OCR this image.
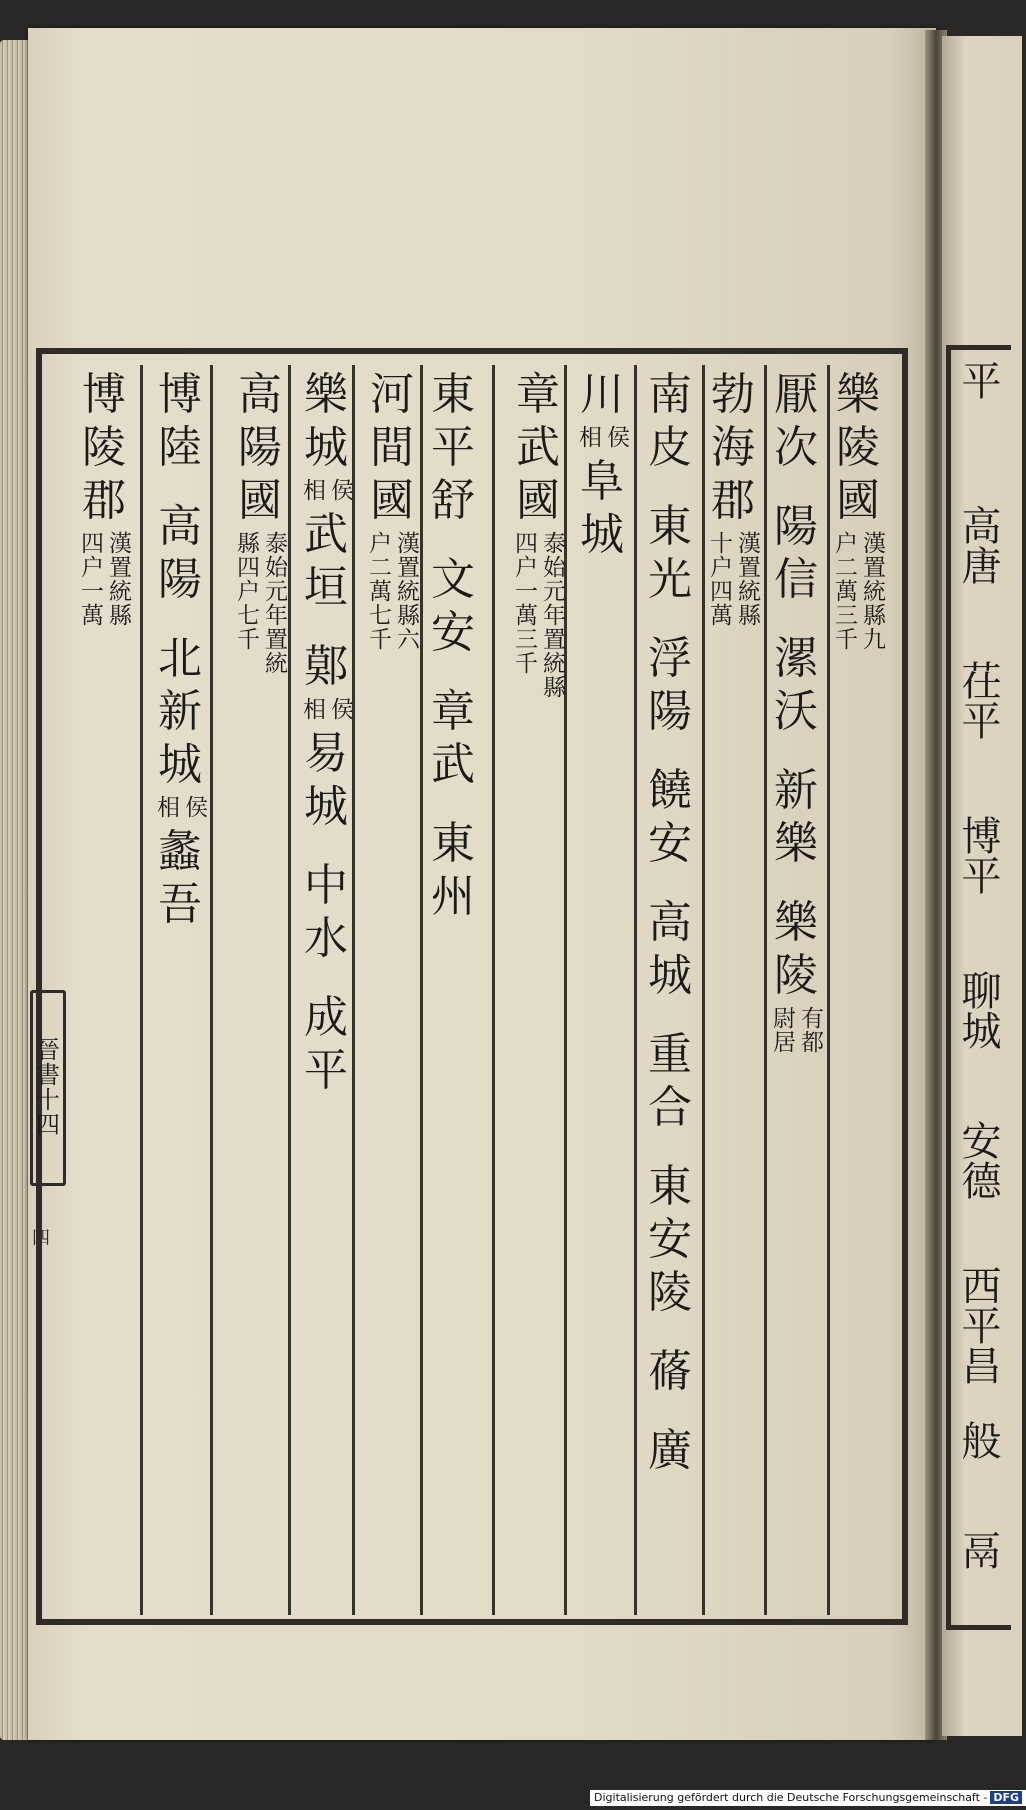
樂
陵
國
漢置統縣九
户二萬三千
厭
次
陽
信
漯
沃
新
樂
樂
陵
有都
尉居
勃
海
郡
漢置統縣
十户四萬
南
皮
東
光
浮
陽
饒
安
高
城
重
合
東
安
陵
蓨
廣
川
侯
相
阜
城
章
武
國
泰始元年置統縣
四户一萬三千
東
平
舒
文
安
章
武
東
州
河
間
國
漢置統縣六
户二萬七千
樂
城
侯
相
武
垣
鄚
侯
相
易
城
中
水
成
平
高
陽
國
泰始元年置統
縣四户七千
博
陸
高
陽
北
新
城
侯
相
蠡
吾
博
陵
郡
漢置統縣
四户一萬
平
高唐
茌平
博平
聊城
安德
西平昌
般
鬲
晉
書
十
四
四
Digitalisierung gefördert durch die Deutsche Forschungsgemeinschaft - DFG
